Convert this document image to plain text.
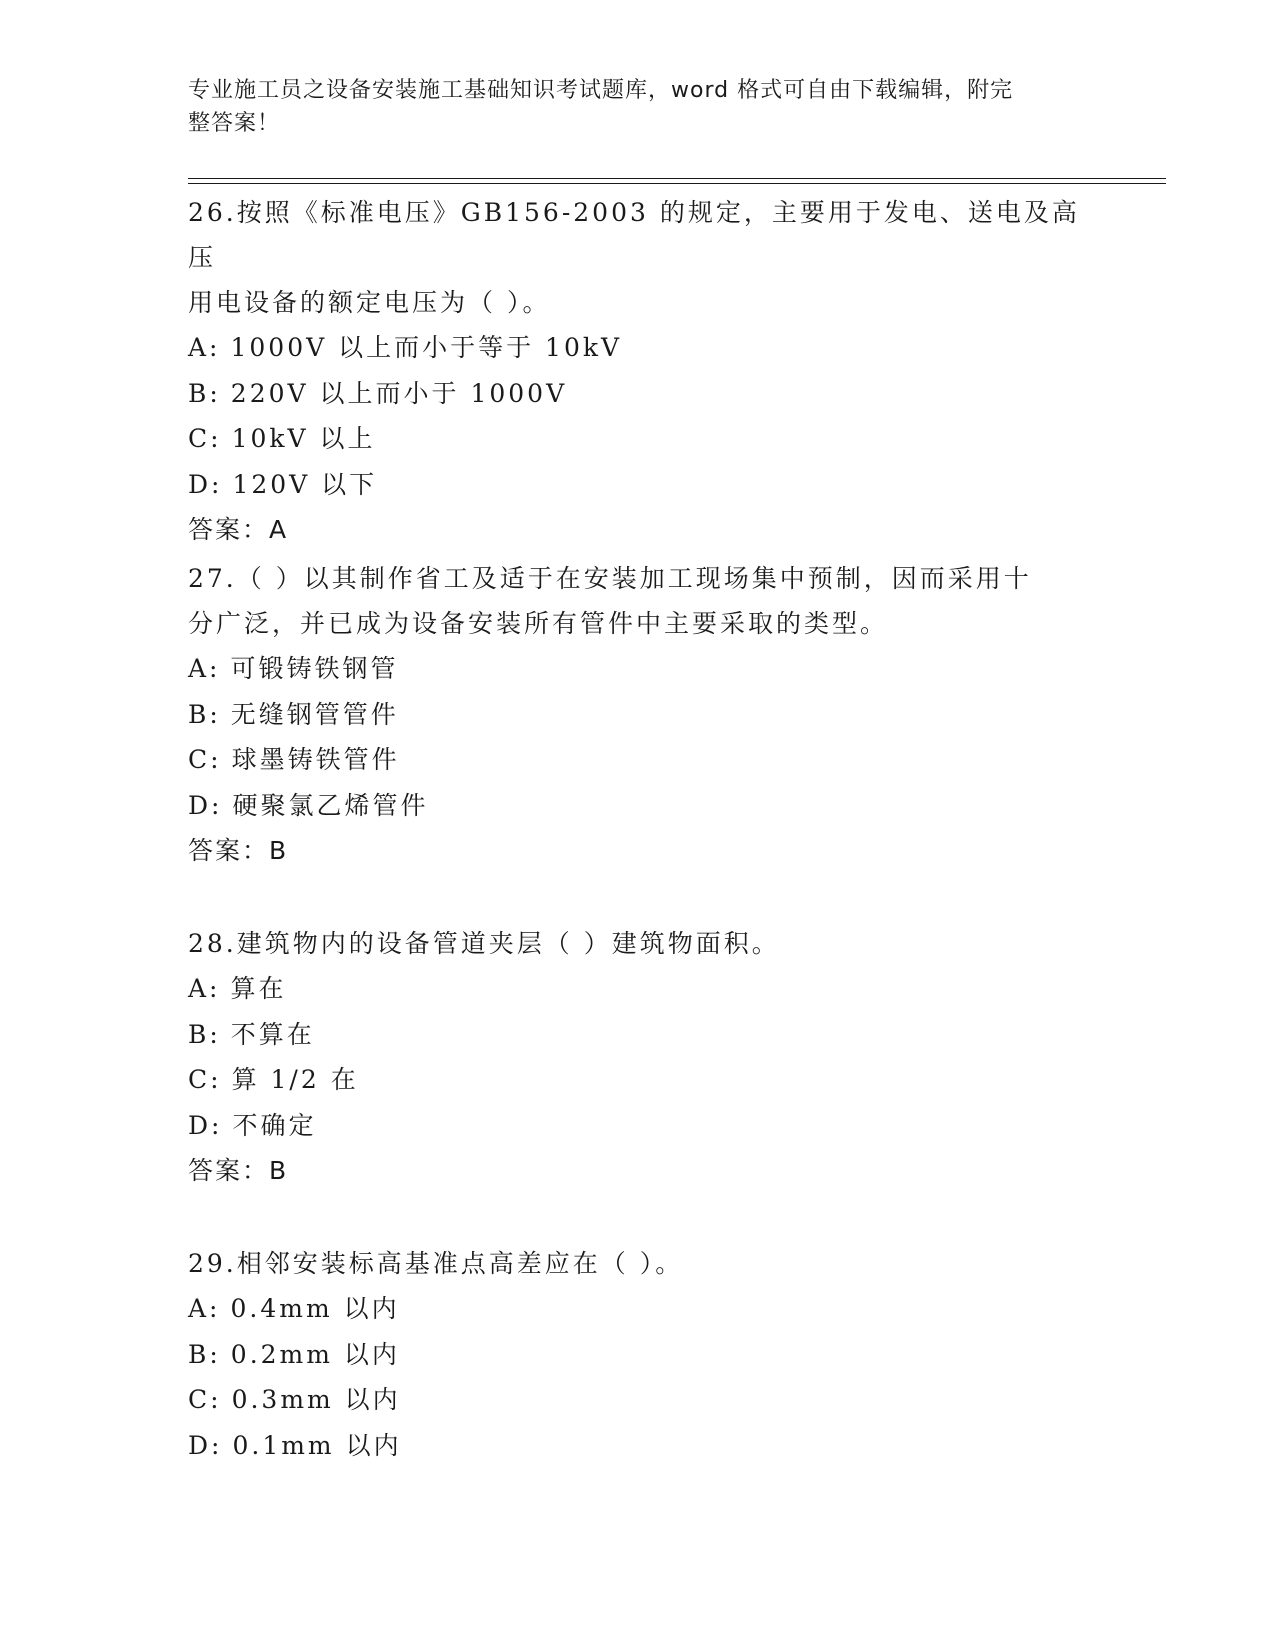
专业施工员之设备安装施工基础知识考试题库，word 格式可自由下载编辑，附完
整答案！

26.按照《标准电压》GB156-2003 的规定，主要用于发电、送电及高压
用电设备的额定电压为（ ）。

A: 1000V 以上而小于等于 10kV

B: 220V 以上而小于 1000V

C: 10kV 以上

D: 120V 以下

答案：A

27.（ ）以其制作省工及适于在安装加工现场集中预制，因而采用十
分广泛，并已成为设备安装所有管件中主要采取的类型。

A: 可锻铸铁钢管

B: 无缝钢管管件

C: 球墨铸铁管件

D: 硬聚氯乙烯管件

答案：B

28.建筑物内的设备管道夹层（ ）建筑物面积。

A: 算在

B: 不算在

C: 算 1/2 在

D: 不确定

答案：B

29.相邻安装标高基准点高差应在（ ）。

A: 0.4mm 以内

B: 0.2mm 以内

C: 0.3mm 以内

D: 0.1mm 以内
